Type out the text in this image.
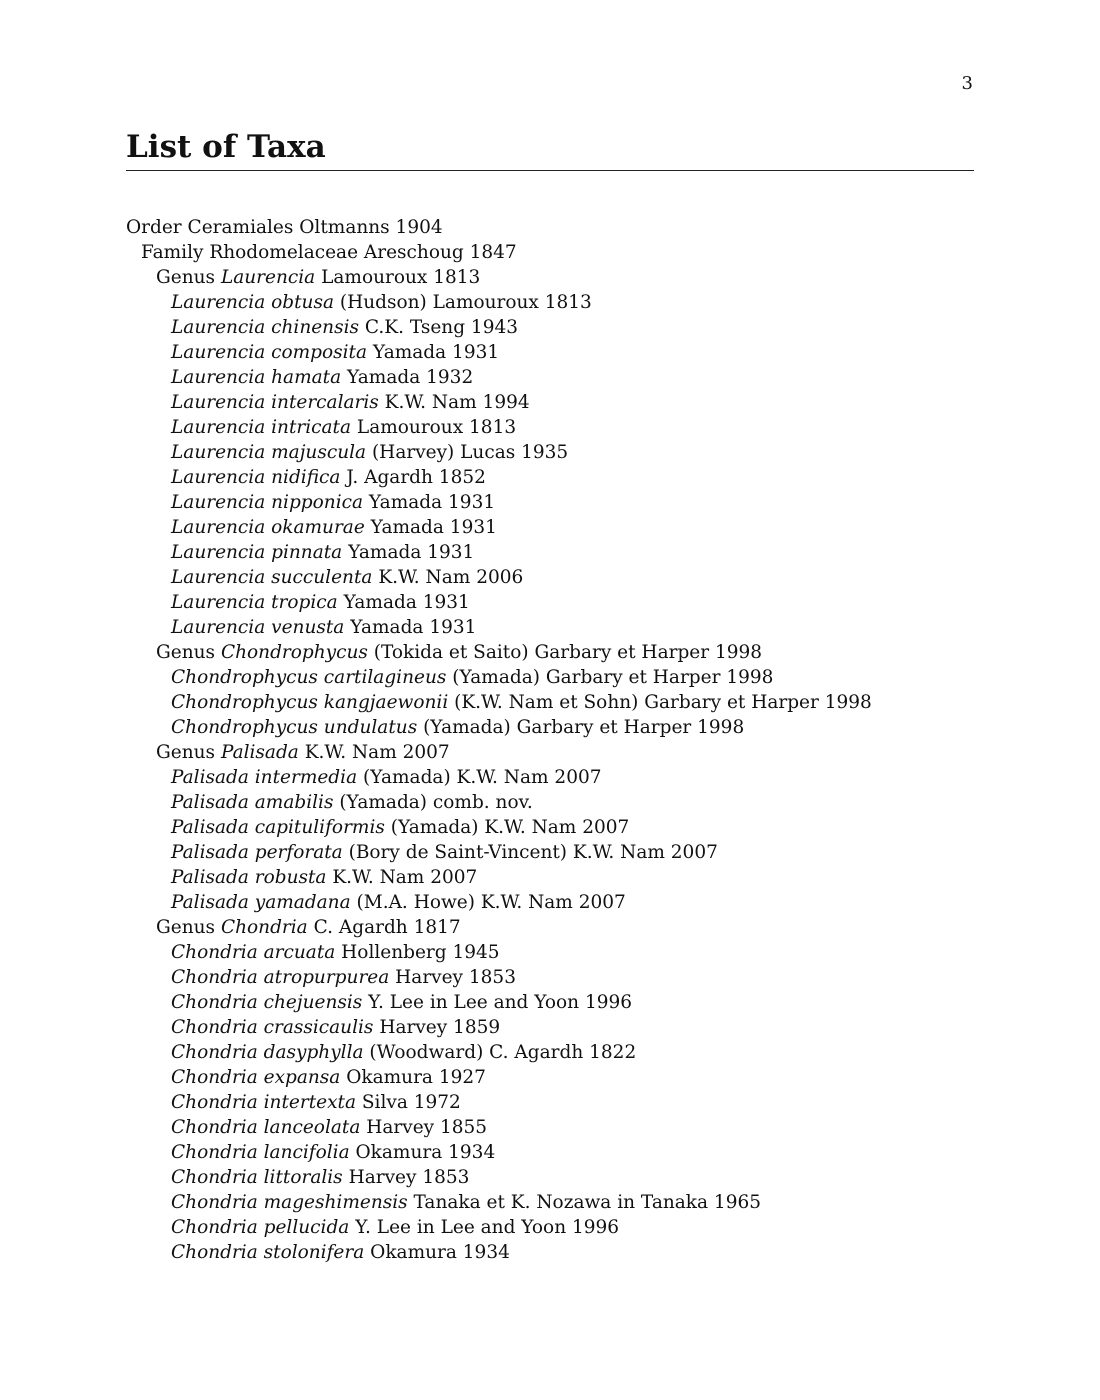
3
List of Taxa
Order Ceramiales Oltmanns 1904
Family Rhodomelaceae Areschoug 1847
Genus Laurencia Lamouroux 1813
Laurencia obtusa (Hudson) Lamouroux 1813
Laurencia chinensis C.K. Tseng 1943
Laurencia composita Yamada 1931
Laurencia hamata Yamada 1932
Laurencia intercalaris K.W. Nam 1994
Laurencia intricata Lamouroux 1813
Laurencia majuscula (Harvey) Lucas 1935
Laurencia nidifica J. Agardh 1852
Laurencia nipponica Yamada 1931
Laurencia okamurae Yamada 1931
Laurencia pinnata Yamada 1931
Laurencia succulenta K.W. Nam 2006
Laurencia tropica Yamada 1931
Laurencia venusta Yamada 1931
Genus Chondrophycus (Tokida et Saito) Garbary et Harper 1998
Chondrophycus cartilagineus (Yamada) Garbary et Harper 1998
Chondrophycus kangjaewonii (K.W. Nam et Sohn) Garbary et Harper 1998
Chondrophycus undulatus (Yamada) Garbary et Harper 1998
Genus Palisada K.W. Nam 2007
Palisada intermedia (Yamada) K.W. Nam 2007
Palisada amabilis (Yamada) comb. nov.
Palisada capituliformis (Yamada) K.W. Nam 2007
Palisada perforata (Bory de Saint-Vincent) K.W. Nam 2007
Palisada robusta K.W. Nam 2007
Palisada yamadana (M.A. Howe) K.W. Nam 2007
Genus Chondria C. Agardh 1817
Chondria arcuata Hollenberg 1945
Chondria atropurpurea Harvey 1853
Chondria chejuensis Y. Lee in Lee and Yoon 1996
Chondria crassicaulis Harvey 1859
Chondria dasyphylla (Woodward) C. Agardh 1822
Chondria expansa Okamura 1927
Chondria intertexta Silva 1972
Chondria lanceolata Harvey 1855
Chondria lancifolia Okamura 1934
Chondria littoralis Harvey 1853
Chondria mageshimensis Tanaka et K. Nozawa in Tanaka 1965
Chondria pellucida Y. Lee in Lee and Yoon 1996
Chondria stolonifera Okamura 1934
